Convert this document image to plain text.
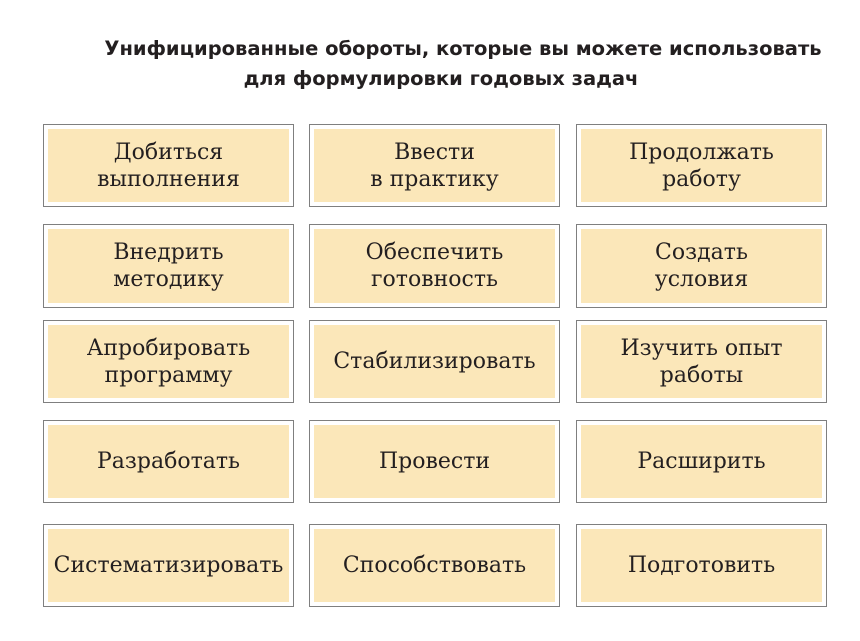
Унифицированные обороты, которые вы можете использовать
для формулировки годовых задач
Добиться
выполнения
Ввести
в практику
Продолжать
работу
Внедрить
методику
Обеспечить
готовность
Создать
условия
Апробировать
программу
Стабилизировать
Изучить опыт
работы
Разработать	Провести	Расширить
Систематизировать	Способствовать	Подготовить
